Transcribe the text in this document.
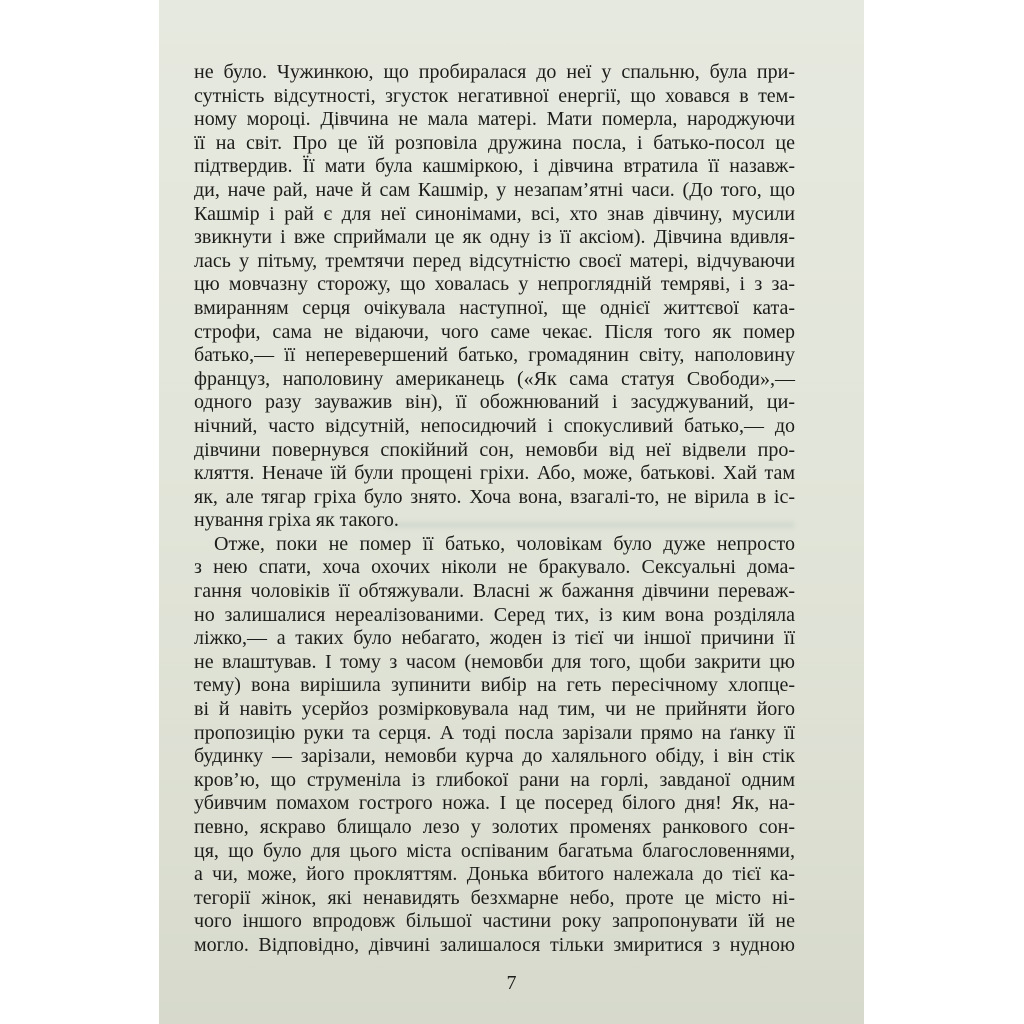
не було. Чужинкою, що пробиралася до неї у спальню, була при-
сутність відсутності, згусток негативної енергії, що ховався в тем-
ному мороці. Дівчина не мала матері. Мати померла, народжуючи
її на світ. Про це їй розповіла дружина посла, і батько-посол це
підтвердив. Її мати була кашміркою, і дівчина втратила її назавж-
ди, наче рай, наче й сам Кашмір, у незапам’ятні часи. (До того, що
Кашмір і рай є для неї синонімами, всі, хто знав дівчину, мусили
звикнути і вже сприймали це як одну із її аксіом). Дівчина вдивля-
лась у пітьму, тремтячи перед відсутністю своєї матері, відчуваючи
цю мовчазну сторожу, що ховалась у непроглядній темряві, і з за-
вмиранням серця очікувала наступної, ще однієї життєвої ката-
строфи, сама не відаючи, чого саме чекає. Після того як помер
батько,— її неперевершений батько, громадянин світу, наполовину
француз, наполовину американець («Як сама статуя Свободи»,—
одного разу зауважив він), її обожнюваний і засуджуваний, ци-
нічний, часто відсутній, непосидючий і спокусливий батько,— до
дівчини повернувся спокійний сон, немовби від неї відвели про-
кляття. Неначе їй були прощені гріхи. Або, може, батькові. Хай там
як, але тягар гріха було знято. Хоча вона, взагалі-то, не вірила в іс-
нування гріха як такого.
Отже, поки не помер її батько, чоловікам було дуже непросто
з нею спати, хоча охочих ніколи не бракувало. Сексуальні дома-
гання чоловіків її обтяжували. Власні ж бажання дівчини переваж-
но залишалися нереалізованими. Серед тих, із ким вона розділяла
ліжко,— а таких було небагато, жоден із тієї чи іншої причини її
не влаштував. І тому з часом (немовби для того, щоби закрити цю
тему) вона вирішила зупинити вибір на геть пересічному хлопце-
ві й навіть усерйоз розмірковувала над тим, чи не прийняти його
пропозицію руки та серця. А тоді посла зарізали прямо на ґанку її
будинку — зарізали, немовби курча до халяльного обіду, і він стік
кров’ю, що струменіла із глибокої рани на горлі, завданої одним
убивчим помахом гострого ножа. І це посеред білого дня! Як, на-
певно, яскраво блищало лезо у золотих променях ранкового сон-
ця, що було для цього міста оспіваним багатьма благословеннями,
а чи, може, його прокляттям. Донька вбитого належала до тієї ка-
тегорії жінок, які ненавидять безхмарне небо, проте це місто ні-
чого іншого впродовж більшої частини року запропонувати їй не
могло. Відповідно, дівчині залишалося тільки змиритися з нудною
7
